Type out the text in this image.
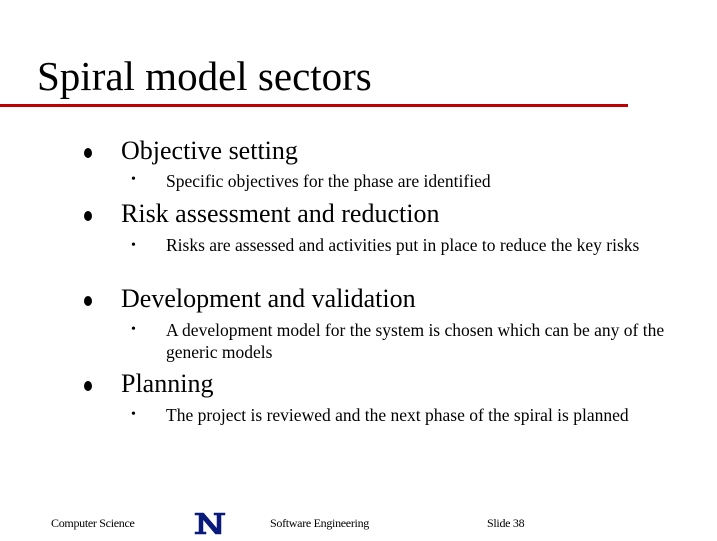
Spiral model sectors
Objective setting
• Specific objectives for the phase are identified
Risk assessment and reduction
• Risks are assessed and activities put in place to reduce the key risks
Development and validation
• A development model for the system is chosen which can be any of the generic models
Planning
• The project is reviewed and the next phase of the spiral is planned
Computer Science	Software Engineering	Slide 38
